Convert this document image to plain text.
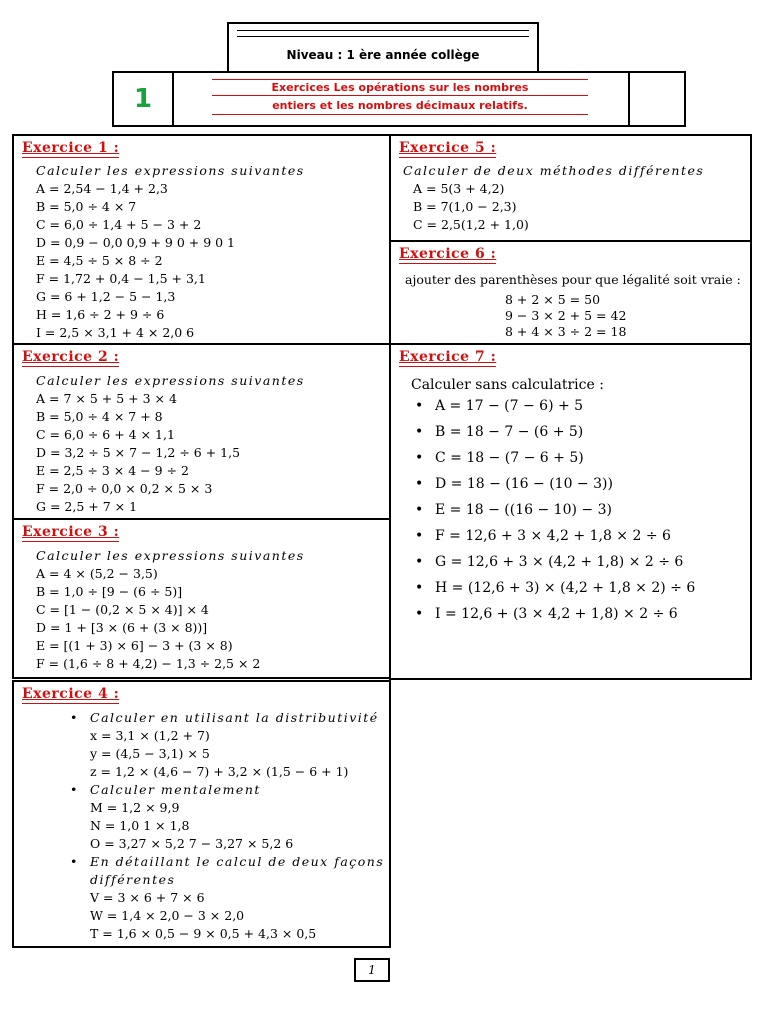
Niveau : 1 ère année collège
1	Exercices Les opérations sur les nombres
entiers et les nombres décimaux relatifs.
Exercice 1 :
Calculer les expressions suivantes
A = 2,54 − 1,4 + 2,3
B = 5,0 ÷ 4 × 7
C = 6,0 ÷ 1,4 + 5 − 3 + 2
D = 0,9 − 0,0 0,9 + 9 0 + 9 0 1
E = 4,5 ÷ 5 × 8 ÷ 2
F = 1,72 + 0,4 − 1,5 + 3,1
G = 6 + 1,2 − 5 − 1,3
H = 1,6 ÷ 2 + 9 ÷ 6
I = 2,5 × 3,1 + 4 × 2,0 6
Exercice 2 :
Calculer les expressions suivantes
A = 7 × 5 + 5 + 3 × 4
B = 5,0 ÷ 4 × 7 + 8
C = 6,0 ÷ 6 + 4 × 1,1
D = 3,2 ÷ 5 × 7 − 1,2 ÷ 6 + 1,5
E = 2,5 ÷ 3 × 4 − 9 ÷ 2
F = 2,0 ÷ 0,0 × 0,2 × 5 × 3
G = 2,5 + 7 × 1
Exercice 3 :
Calculer les expressions suivantes
A = 4 × (5,2 − 3,5)
B = 1,0 ÷ [9 − (6 ÷ 5)]
C = [1 − (0,2 × 5 × 4)] × 4
D = 1 + [3 × (6 + (3 × 8))]
E = [(1 + 3) × 6] − 3 + (3 × 8)
F = (1,6 ÷ 8 + 4,2) − 1,3 ÷ 2,5 × 2
Exercice 4 :
• Calculer en utilisant la distributivité
x = 3,1 × (1,2 + 7)
y = (4,5 − 3,1) × 5
z = 1,2 × (4,6 − 7) + 3,2 × (1,5 − 6 + 1)
• Calculer mentalement
M = 1,2 × 9,9
N = 1,0 1 × 1,8
O = 3,27 × 5,2 7 − 3,27 × 5,2 6
• En détaillant le calcul de deux façons
différentes
V = 3 × 6 + 7 × 6
W = 1,4 × 2,0 − 3 × 2,0
T = 1,6 × 0,5 − 9 × 0,5 + 4,3 × 0,5
Exercice 5 :
Calculer de deux méthodes différentes
A = 5(3 + 4,2)
B = 7(1,0 − 2,3)
C = 2,5(1,2 + 1,0)
Exercice 6 :
ajouter des parenthèses pour que légalité soit vraie :
8 + 2 × 5 = 50
9 − 3 × 2 + 5 = 42
8 + 4 × 3 ÷ 2 = 18
Exercice 7 :
Calculer sans calculatrice :
• A = 17 − (7 − 6) + 5
• B = 18 − 7 − (6 + 5)
• C = 18 − (7 − 6 + 5)
• D = 18 − (16 − (10 − 3))
• E = 18 − ((16 − 10) − 3)
• F = 12,6 + 3 × 4,2 + 1,8 × 2 ÷ 6
• G = 12,6 + 3 × (4,2 + 1,8) × 2 ÷ 6
• H = (12,6 + 3) × (4,2 + 1,8 × 2) ÷ 6
• I = 12,6 + (3 × 4,2 + 1,8) × 2 ÷ 6
1
